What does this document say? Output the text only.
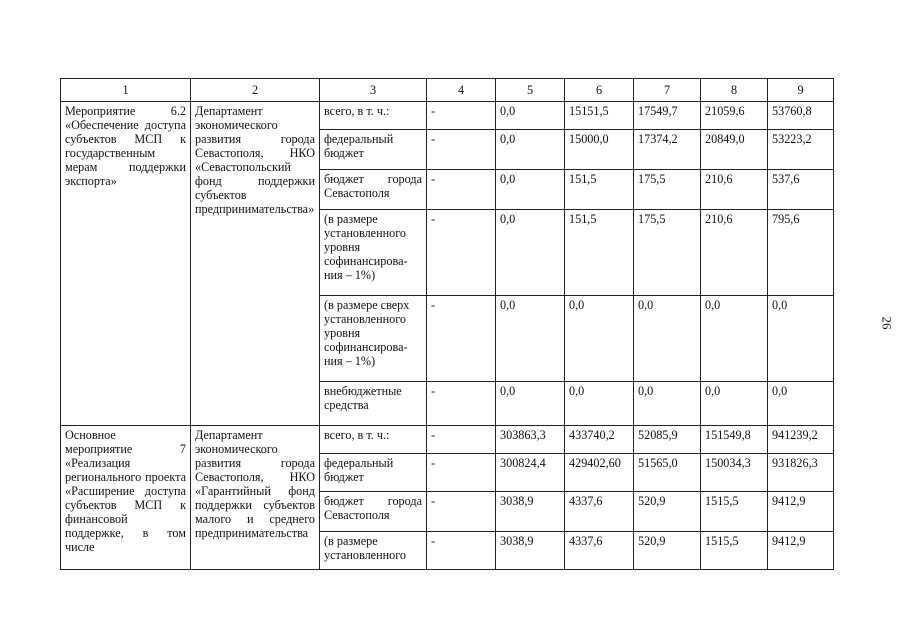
1	2	3	4	5	6	7	8	9
Мероприятие 6.2 «Обеспечение доступа субъектов МСП к государственным мерам поддержки экспорта»	Департамент экономического развития города Севастополя, НКО «Севастопольский фонд поддержки субъектов предпринимательства»	всего, в т. ч.:	-	0,0	15151,5	17549,7	21059,6	53760,8
		федеральный бюджет	-	0,0	15000,0	17374,2	20849,0	53223,2
		бюджет города Севастополя	-	0,0	151,5	175,5	210,6	537,6
		(в размере установленного уровня софинансирова-ния – 1%)	-	0,0	151,5	175,5	210,6	795,6
		(в размере сверх установленного уровня софинансирова-ния – 1%)	-	0,0	0,0	0,0	0,0	0,0
		внебюджетные средства	-	0,0	0,0	0,0	0,0	0,0
Основное мероприятие 7 «Реализация регионального проекта «Расширение доступа субъектов МСП к финансовой поддержке, в том числе	Департамент экономического развития города Севастополя, НКО «Гарантийный фонд поддержки субъектов малого и среднего предпринимательства	всего, в т. ч.:	-	303863,3	433740,2	52085,9	151549,8	941239,2
		федеральный бюджет	-	300824,4	429402,60	51565,0	150034,3	931826,3
		бюджет города Севастополя	-	3038,9	4337,6	520,9	1515,5	9412,9
		(в размере установленного	-	3038,9	4337,6	520,9	1515,5	9412,9
26
